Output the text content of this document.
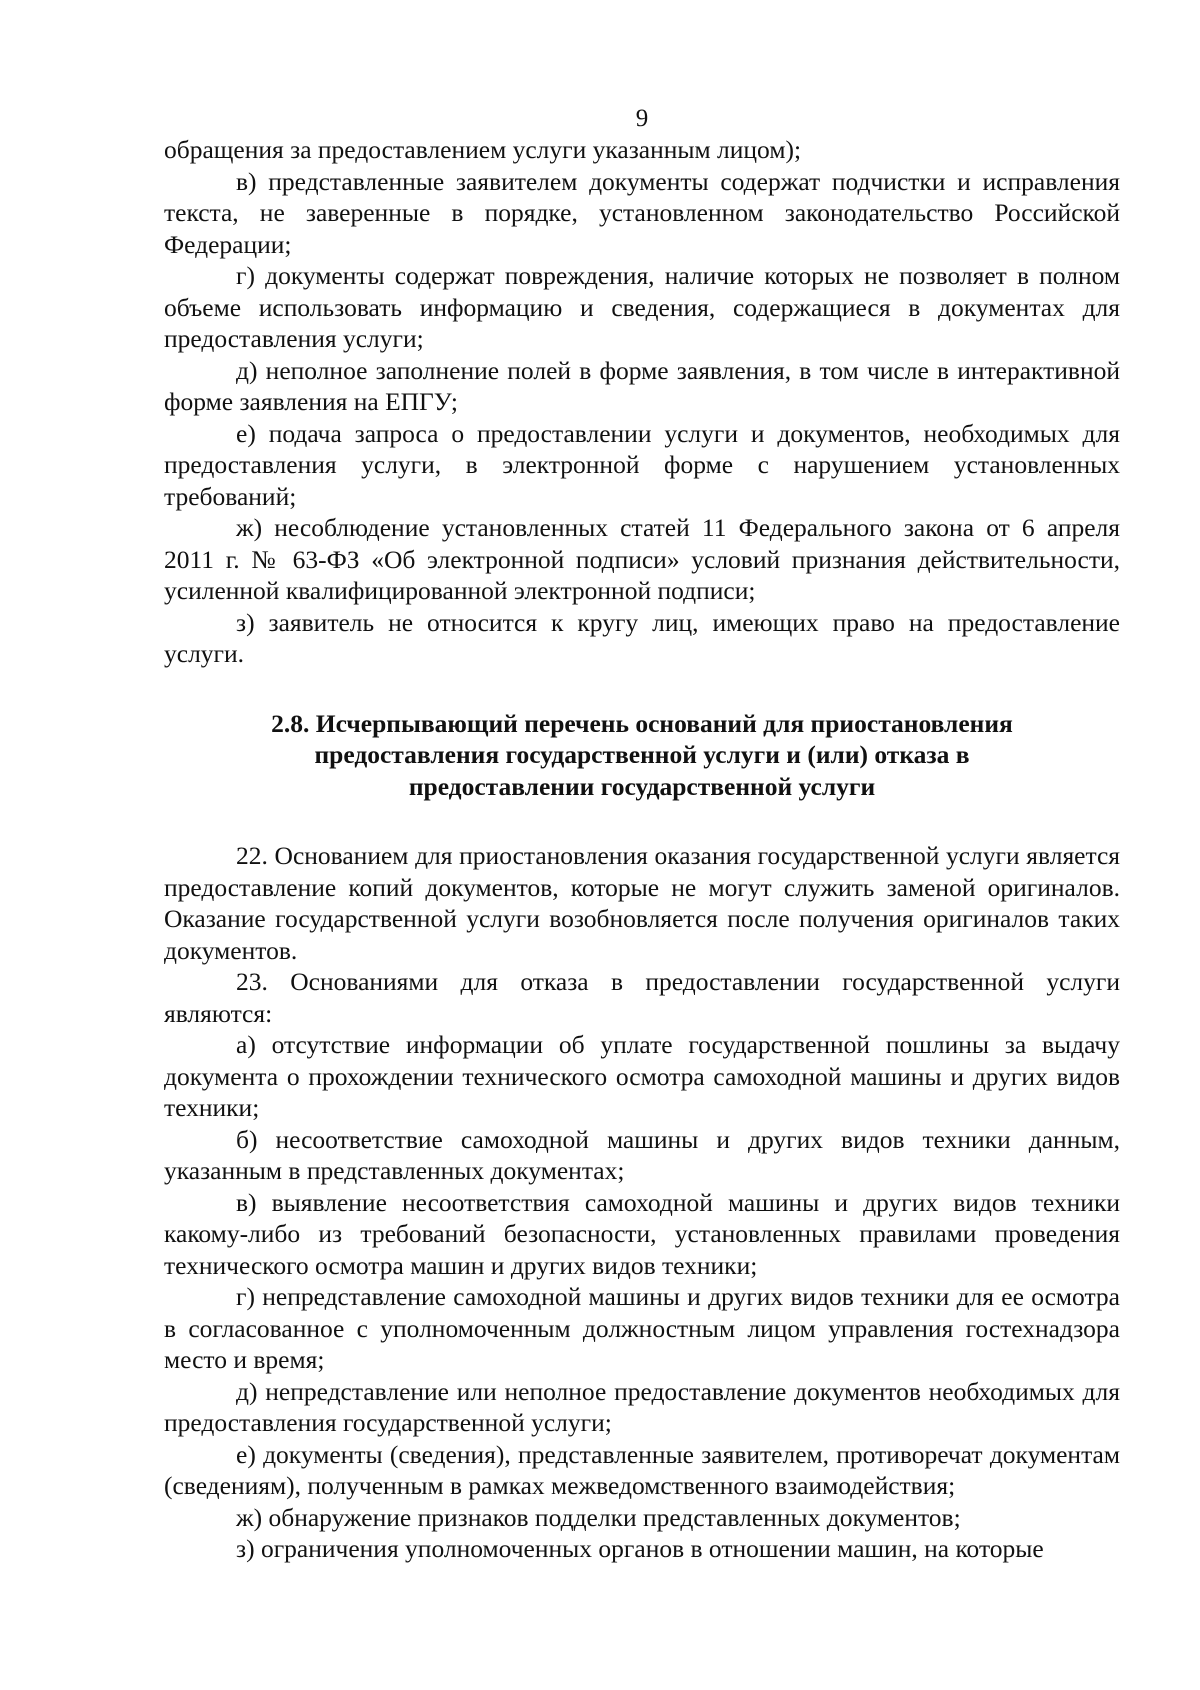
9

обращения за предоставлением услуги указанным лицом);

в) представленные заявителем документы содержат подчистки и исправления текста, не заверенные в порядке, установленном законодательство Российской Федерации;

г) документы содержат повреждения, наличие которых не позволяет в полном объеме использовать информацию и сведения, содержащиеся в документах для предоставления услуги;

д) неполное заполнение полей в форме заявления, в том числе в интерактивной форме заявления на ЕПГУ;

е) подача запроса о предоставлении услуги и документов, необходимых для предоставления услуги, в электронной форме с нарушением установленных требований;

ж) несоблюдение установленных статей 11 Федерального закона от 6 апреля 2011 г. № 63-ФЗ «Об электронной подписи» условий признания действительности, усиленной квалифицированной электронной подписи;

з) заявитель не относится к кругу лиц, имеющих право на предоставление услуги.

2.8. Исчерпывающий перечень оснований для приостановления предоставления государственной услуги и (или) отказа в предоставлении государственной услуги

22. Основанием для приостановления оказания государственной услуги является предоставление копий документов, которые не могут служить заменой оригиналов. Оказание государственной услуги возобновляется после получения оригиналов таких документов.

23. Основаниями для отказа в предоставлении государственной услуги являются:

а) отсутствие информации об уплате государственной пошлины за выдачу документа о прохождении технического осмотра самоходной машины и других видов техники;

б) несоответствие самоходной машины и других видов техники данным, указанным в представленных документах;

в) выявление несоответствия самоходной машины и других видов техники какому-либо из требований безопасности, установленных правилами проведения технического осмотра машин и других видов техники;

г) непредставление самоходной машины и других видов техники для ее осмотра в согласованное с уполномоченным должностным лицом управления гостехнадзора место и время;

д) непредставление или неполное предоставление документов необходимых для предоставления государственной услуги;

е) документы (сведения), представленные заявителем, противоречат документам (сведениям), полученным в рамках межведомственного взаимодействия;

ж) обнаружение признаков подделки представленных документов;

з) ограничения уполномоченных органов в отношении машин, на которые
